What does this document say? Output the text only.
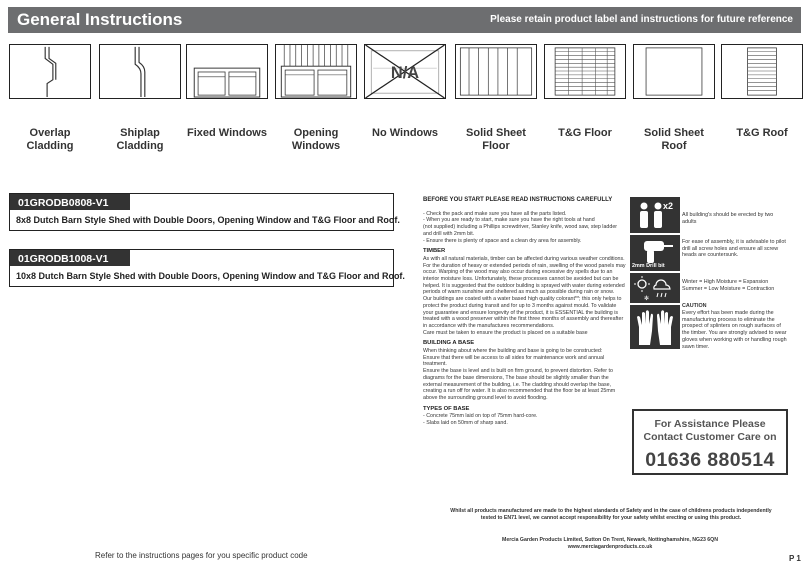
General Instructions	Please retain product label and instructions for future reference
N/A
Overlap Cladding
Shiplap Cladding
Fixed Windows	Opening Windows
No Windows	Solid Sheet Floor
T&G Floor	Solid Sheet Roof
T&G Roof
01GRODB0808-V1
8x8 Dutch Barn Style Shed with Double Doors, Opening Window and T&G Floor and Roof.
01GRODB1008-V1
10x8 Dutch Barn Style Shed with Double Doors, Opening Window and T&G Floor and Roof.
Refer to the instructions pages for you specific product code
BEFORE YOU START PLEASE READ INSTRUCTIONS CAREFULLY

- Check the pack and make sure you have all the parts listed.

- When you are ready to start, make sure you have the right tools at hand

(not supplied) including a Phillips screwdriver, Stanley knife, wood saw, step ladder and drill with 2mm bit.

- Ensure there is plenty of space and a clean dry area for assembly.

TIMBER

As with all natural materials, timber can be affected during various weather conditions. For the duration of heavy or extended periods of rain, swelling of the wood panels may occur. Warping of the wood may also occur during excessive dry spells due to an interior moisture loss. Unfortunately, these processes cannot be avoided but can be helped. It is suggested that the outdoor building is sprayed with water during extended periods of warm sunshine and sheltered as much as possible during rain or snow.

Our buildings are coated with a water based high quality colorant**; this only helps to

protect the product during transit and for up to 3 months against mould. To validate your guarantee and ensure longevity of the product, it is ESSENTIAL the building is treated with a wood preserver within the first three months of assembly and thereafter in accordance with the manufactures recommendations.

Care must be taken to ensure the product is placed on a suitable base

BUILDING A BASE

When thinking about where the building and base is going to be constructed:

Ensure that there will be access to all sides for maintenance work and annual treatment.

Ensure the base is level and is built on firm ground, to prevent distortion. Refer to diagrams for the base dimensions, The base should be slightly smaller than the external measurement of the building, i.e. The cladding should overlap the base, creating a run off for water. It is also recommended that the floor be at least 25mm above the surrounding ground level to avoid flooding.

TYPES OF BASE

- Concrete 75mm laid on top of 75mm hard-core.

- Slabs laid on 50mm of sharp sand.

x2
All building's should be erected by two adults
2mm Drill bit
For ease of assembly, it is advisable to pilot drill all screw holes and ensure all screw heads are countersunk.
✻
Winter = High Moisture = Expansion
Summer = Low Moisture = Contraction
CAUTION
Every effort has been made during the manufacturing process to eliminate the prospect of splinters on rough surfaces of the timber. You are strongly advised to wear gloves when working with or handling rough sawn timer.
For Assistance Please
Contact Customer Care on
01636 880514
Whilst all products manufactured are made to the highest standards of Safety and in the case of childrens products independently tested to EN71 level, we cannot accept responsibility for your safety whilst erecting or using this product.
Mercia Garden Products Limited, Sutton On Trent, Newark, Nottinghamshire, NG23 6QN
www.merciagardenproducts.co.uk
P 1
